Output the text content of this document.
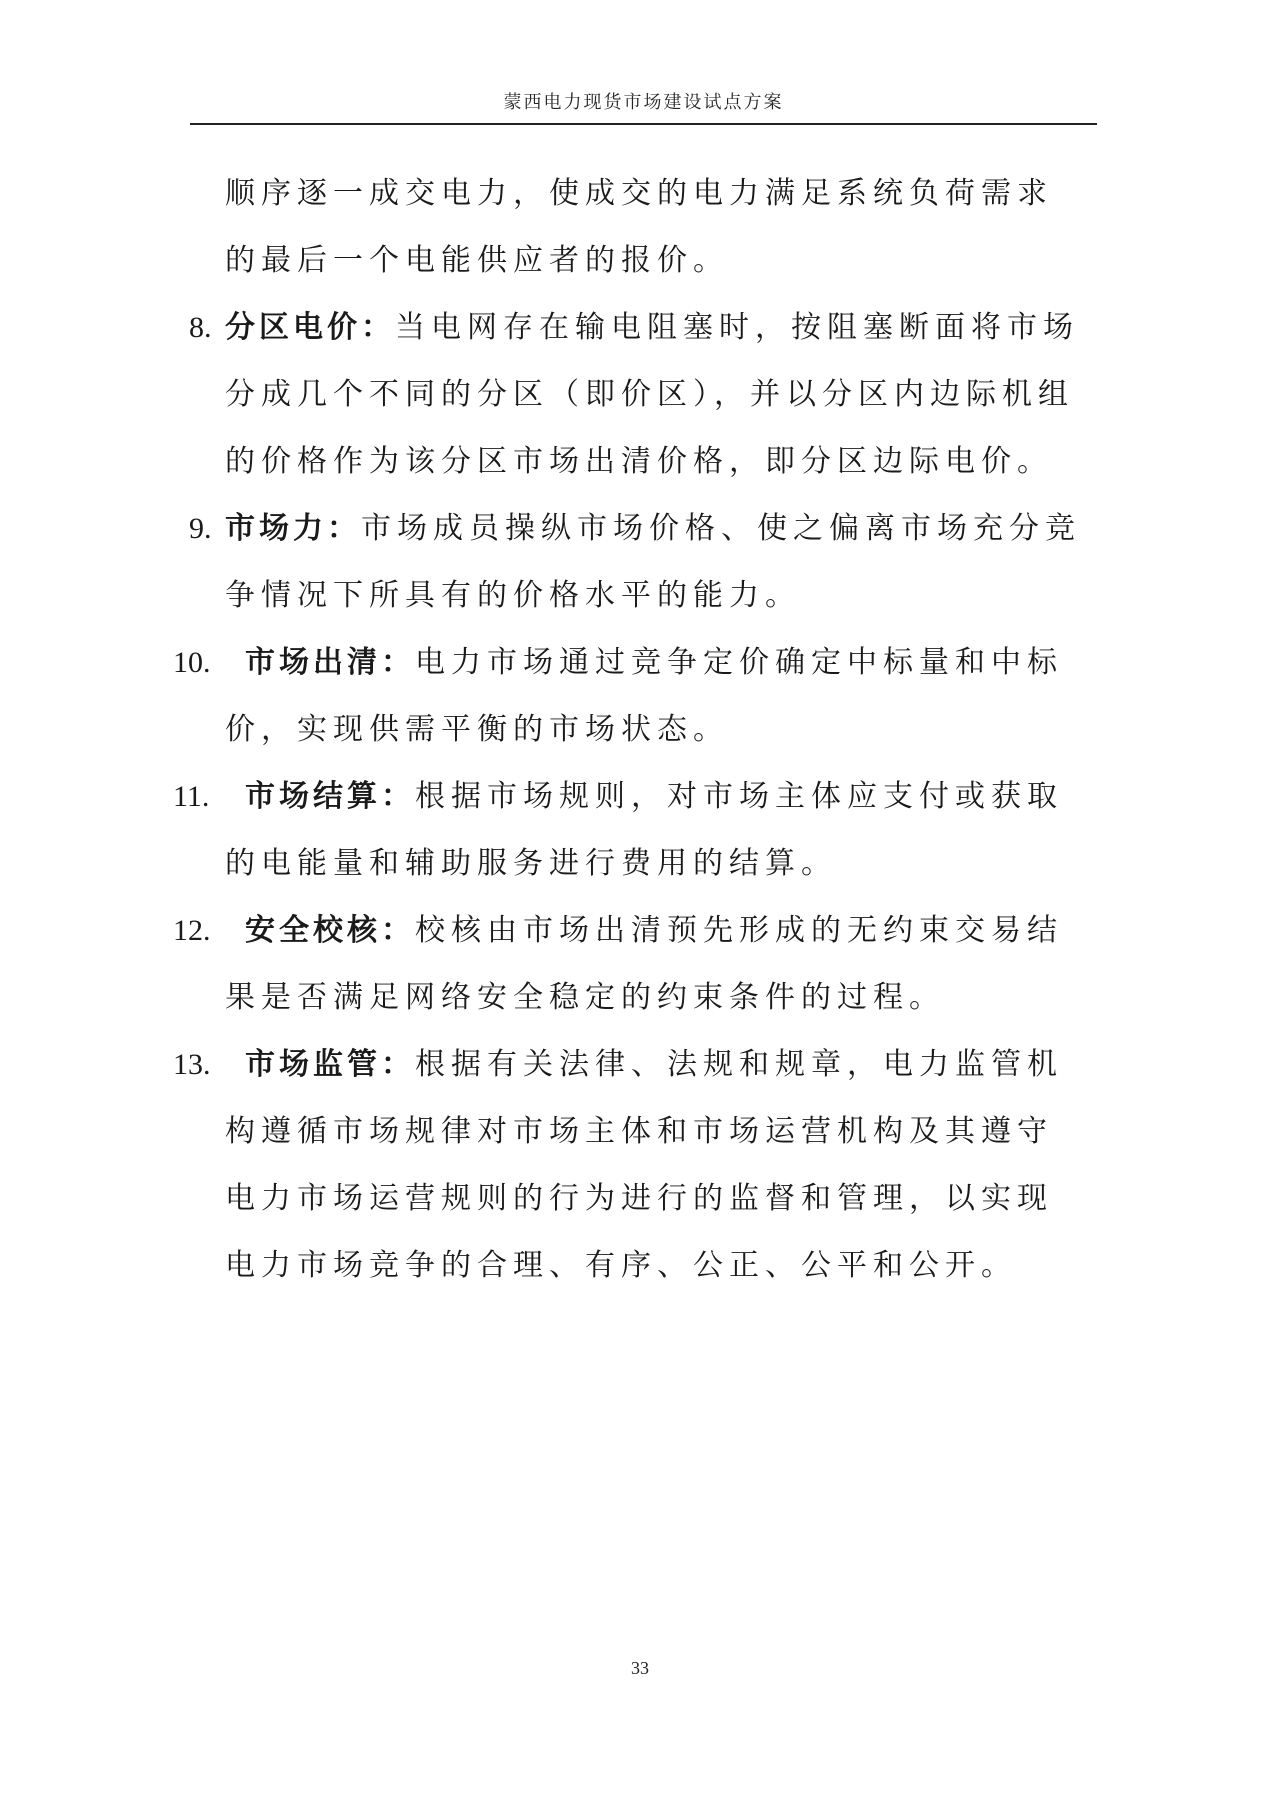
蒙西电力现货市场建设试点方案

顺序逐一成交电力，使成交的电力满足系统负荷需求的最后一个电能供应者的报价。

8. 分区电价：当电网存在输电阻塞时，按阻塞断面将市场分成几个不同的分区（即价区），并以分区内边际机组的价格作为该分区市场出清价格，即分区边际电价。

9. 市场力：市场成员操纵市场价格、使之偏离市场充分竞争情况下所具有的价格水平的能力。

10. 市场出清：电力市场通过竞争定价确定中标量和中标价，实现供需平衡的市场状态。

11. 市场结算：根据市场规则，对市场主体应支付或获取的电能量和辅助服务进行费用的结算。

12. 安全校核：校核由市场出清预先形成的无约束交易结果是否满足网络安全稳定的约束条件的过程。

13. 市场监管：根据有关法律、法规和规章，电力监管机构遵循市场规律对市场主体和市场运营机构及其遵守电力市场运营规则的行为进行的监督和管理，以实现电力市场竞争的合理、有序、公正、公平和公开。

33
